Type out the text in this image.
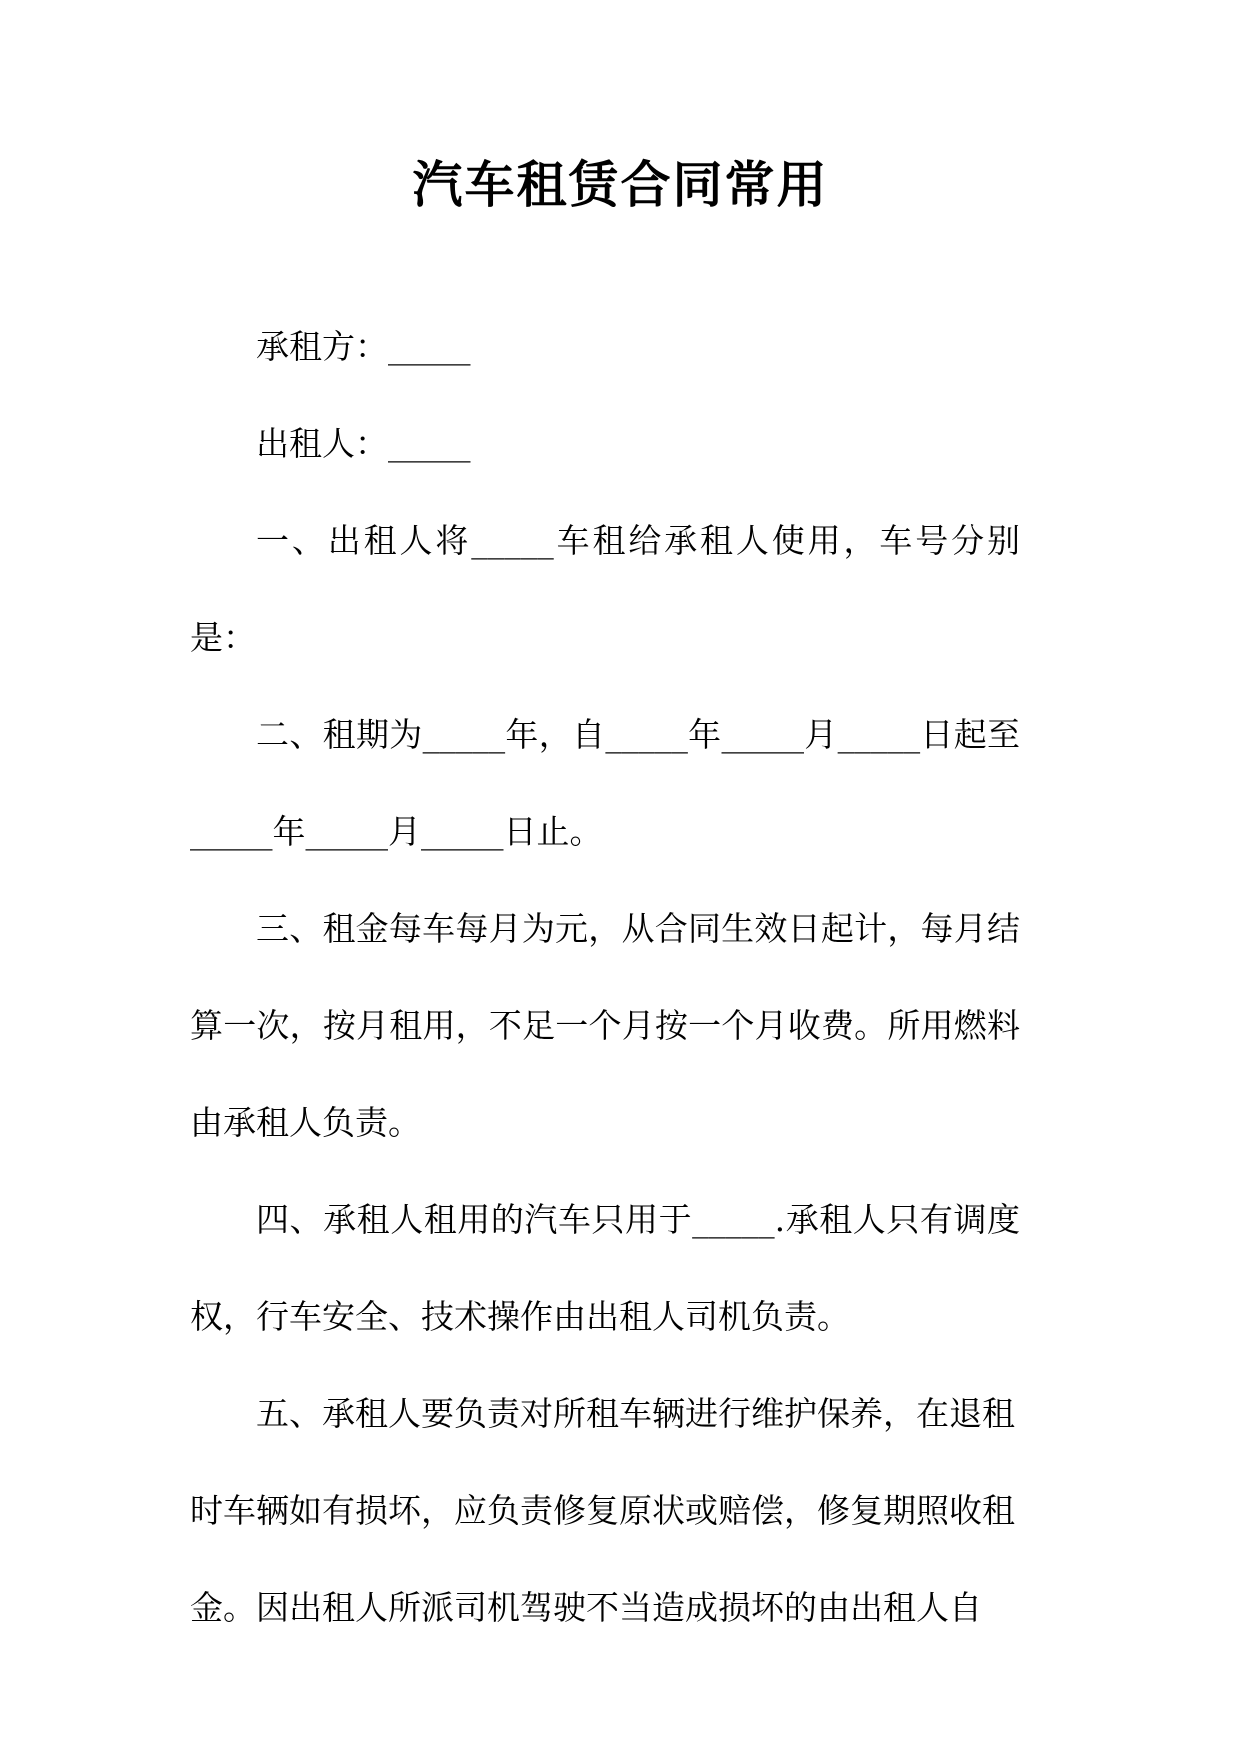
汽车租赁合同常用

承租方：_____

出租人：_____

一、出租人将_____车租给承租人使用，车号分别是：

二、租期为_____年，自_____年_____月_____日起至_____年_____月_____日止。

三、租金每车每月为元，从合同生效日起计，每月结算一次，按月租用，不足一个月按一个月收费。所用燃料由承租人负责。

四、承租人租用的汽车只用于_____.承租人只有调度权，行车安全、技术操作由出租人司机负责。

五、承租人要负责对所租车辆进行维护保养，在退租时车辆如有损坏，应负责修复原状或赔偿，修复期照收租金。因出租人所派司机驾驶不当造成损坏的由出租人自
